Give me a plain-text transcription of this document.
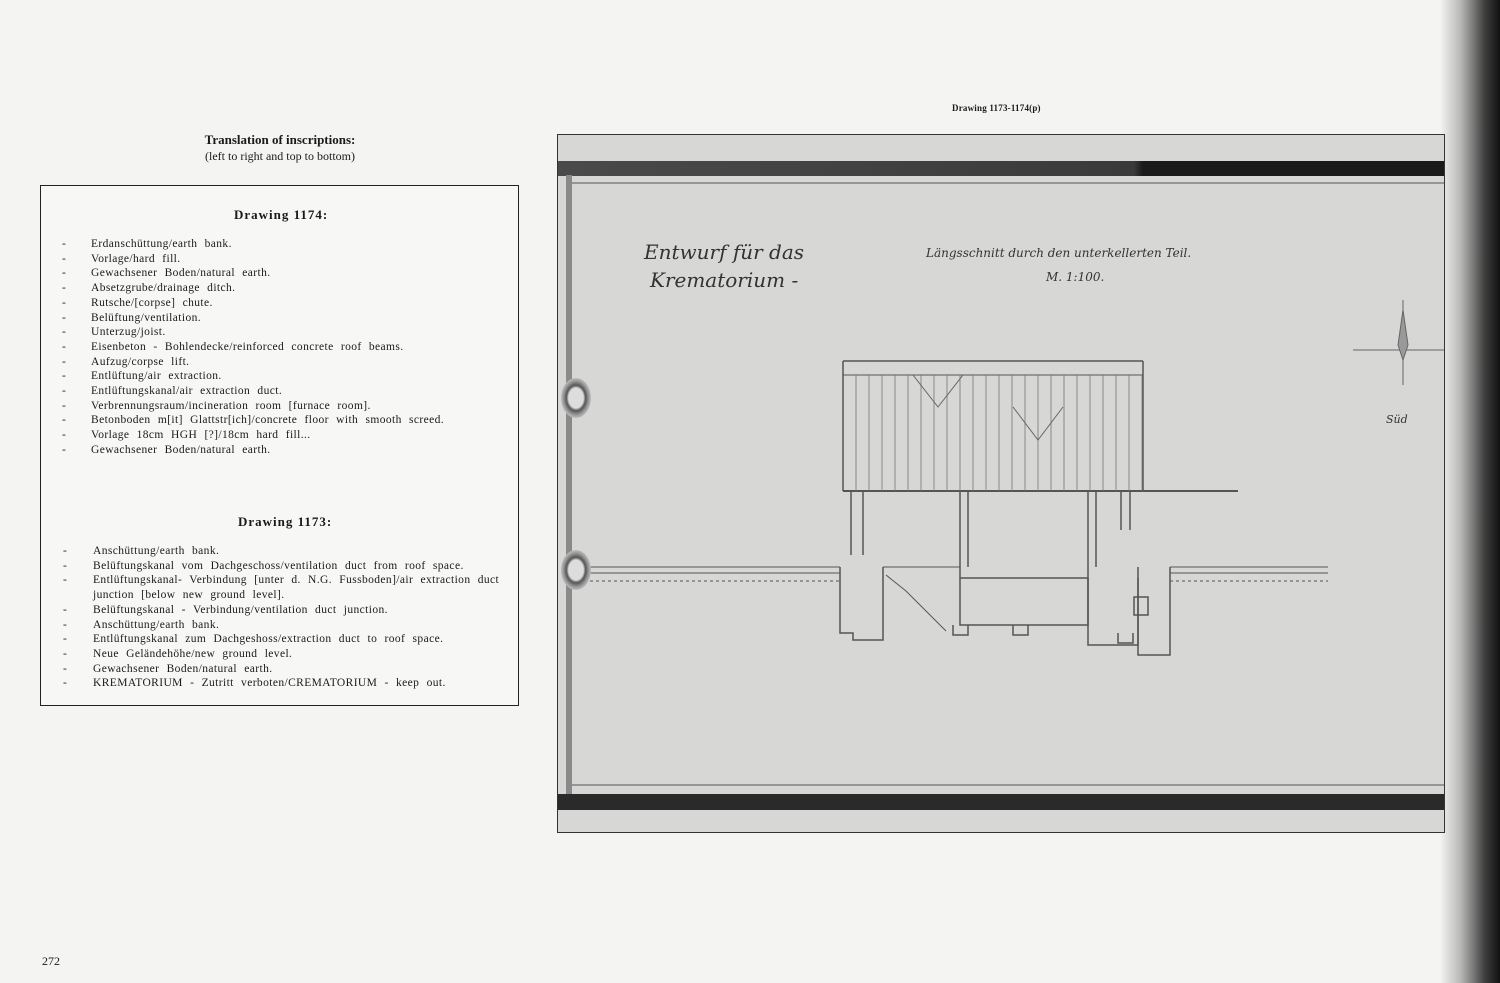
Drawing 1173-1174(p)
Translation of inscriptions:
(left to right and top to bottom)
Drawing 1174:
- Erdanschüttung/earth bank.
- Vorlage/hard fill.
- Gewachsener Boden/natural earth.
- Absetzgrube/drainage ditch.
- Rutsche/[corpse] chute.
- Belüftung/ventilation.
- Unterzug/joist.
- Eisenbeton - Bohlendecke/reinforced concrete roof beams.
- Aufzug/corpse lift.
- Entlüftung/air extraction.
- Entlüftungskanal/air extraction duct.
- Verbrennungsraum/incineration room [furnace room].
- Betonboden m[it] Glattstr[ich]/concrete floor with smooth screed.
- Vorlage 18cm HGH [?]/18cm hard fill...
- Gewachsener Boden/natural earth.
Drawing 1173:
- Anschüttung/earth bank.
- Belüftungskanal vom Dachgeschoss/ventilation duct from roof space.
- Entlüftungskanal- Verbindung [unter d. N.G. Fussboden]/air extraction duct junction [below new ground level].
- Belüftungskanal - Verbindung/ventilation duct junction.
- Anschüttung/earth bank.
- Entlüftungskanal zum Dachgeshoss/extraction duct to roof space.
- Neue Geländehöhe/new ground level.
- Gewachsener Boden/natural earth.
- KREMATORIUM - Zutritt verboten/CREMATORIUM - keep out.
Entwurf für das
Krematorium -
Längsschnitt durch den unterkellerten Teil.
M. 1:100.
Süd
272
